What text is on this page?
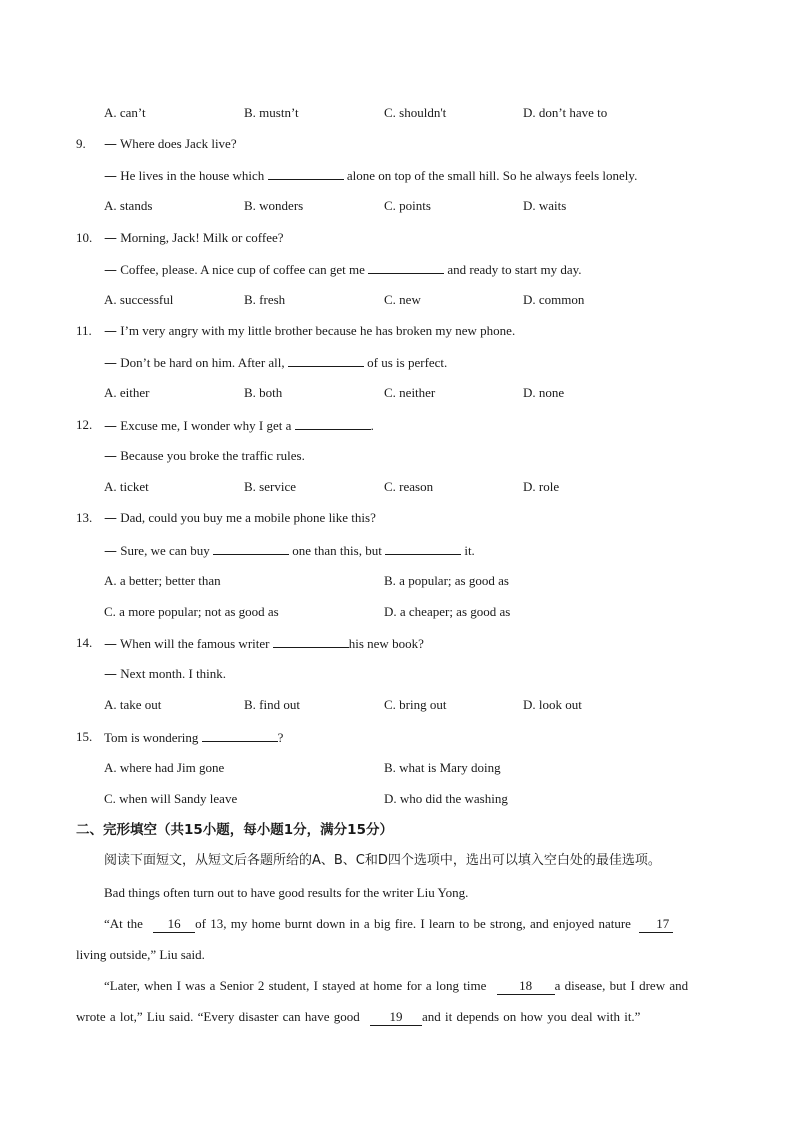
A. can’t	B. mustn’t	C. shouldn't	D. don’t have to
9. — Where does Jack live?
— He lives in the house which	alone on top of the small hill. So he always feels lonely.
A. stands	B. wonders	C. points	D. waits
10. — Morning, Jack! Milk or coffee?
— Coffee, please. A nice cup of coffee can get me	and ready to start my day.
A. successful	B. fresh	C. new	D. common
11. — I’m very angry with my little brother because he has broken my new phone.
— Don’t be hard on him. After all,	of us is perfect.
A. either	B. both	C. neither	D. none
12. — Excuse me, I wonder why I get a	.
— Because you broke the traffic rules.
A. ticket	B. service	C. reason	D. role
13. — Dad, could you buy me a mobile phone like this?
— Sure, we can buy	one than this, but	it.
A. a better; better than	B. a popular; as good as
C. a more popular; not as good as	D. a cheaper; as good as
14. — When will the famous writer	his new book?
— Next month. I think.
A. take out	B. find out	C. bring out	D. look out
15. Tom is wondering	?
A. where had Jim gone	B. what is Mary doing
C. when will Sandy leave	D. who did the washing
二、完形填空（共15小题，每小题1分，满分15分）
阅读下面短文，从短文后各题所给的A、B、C和D四个选项中，选出可以填入空白处的最佳选项。
Bad things often turn out to have good results for the writer Liu Yong.
“At the 16 of 13, my home burnt down in a big fire. I learn to be strong, and enjoyed nature 17
living outside,” Liu said.
“Later, when I was a Senior 2 student, I stayed at home for a long time	18 a disease, but I drew and
wrote a lot,” Liu said. “Every disaster can have good 19 and it depends on how you deal with it.”
